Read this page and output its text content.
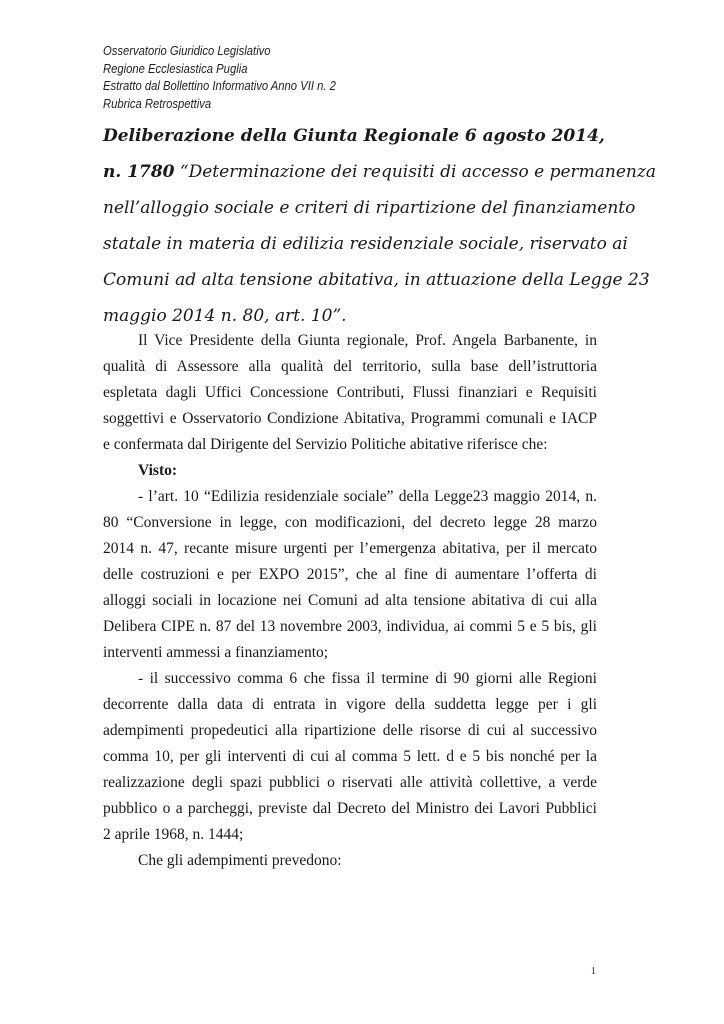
Osservatorio Giuridico Legislativo
Regione Ecclesiastica Puglia
Estratto dal Bollettino Informativo Anno VII n. 2
Rubrica Retrospettiva
Deliberazione della Giunta Regionale 6 agosto 2014,
n. 1780 “Determinazione dei requisiti di accesso e permanenza
nell’alloggio sociale e criteri di ripartizione del finanziamento
statale in materia di edilizia residenziale sociale, riservato ai
Comuni ad alta tensione abitativa, in attuazione della Legge 23
maggio 2014 n. 80, art. 10”.
Il Vice Presidente della Giunta regionale, Prof. Angela Barbanente, in
qualità di Assessore alla qualità del territorio, sulla base dell’istruttoria
espletata dagli Uffici Concessione Contributi, Flussi finanziari e Requisiti
soggettivi e Osservatorio Condizione Abitativa, Programmi comunali e IACP
e confermata dal Dirigente del Servizio Politiche abitative riferisce che:
Visto:
- l’art. 10 “Edilizia residenziale sociale” della Legge23 maggio 2014, n.
80 “Conversione in legge, con modificazioni, del decreto legge 28 marzo
2014 n. 47, recante misure urgenti per l’emergenza abitativa, per il mercato
delle costruzioni e per EXPO 2015”, che al fine di aumentare l’offerta di
alloggi sociali in locazione nei Comuni ad alta tensione abitativa di cui alla
Delibera CIPE n. 87 del 13 novembre 2003, individua, ai commi 5 e 5 bis, gli
interventi ammessi a finanziamento;
- il successivo comma 6 che fissa il termine di 90 giorni alle Regioni
decorrente dalla data di entrata in vigore della suddetta legge per i gli
adempimenti propedeutici alla ripartizione delle risorse di cui al successivo
comma 10, per gli interventi di cui al comma 5 lett. d e 5 bis nonché per la
realizzazione degli spazi pubblici o riservati alle attività collettive, a verde
pubblico o a parcheggi, previste dal Decreto del Ministro dei Lavori Pubblici
2 aprile 1968, n. 1444;
Che gli adempimenti prevedono:
1
